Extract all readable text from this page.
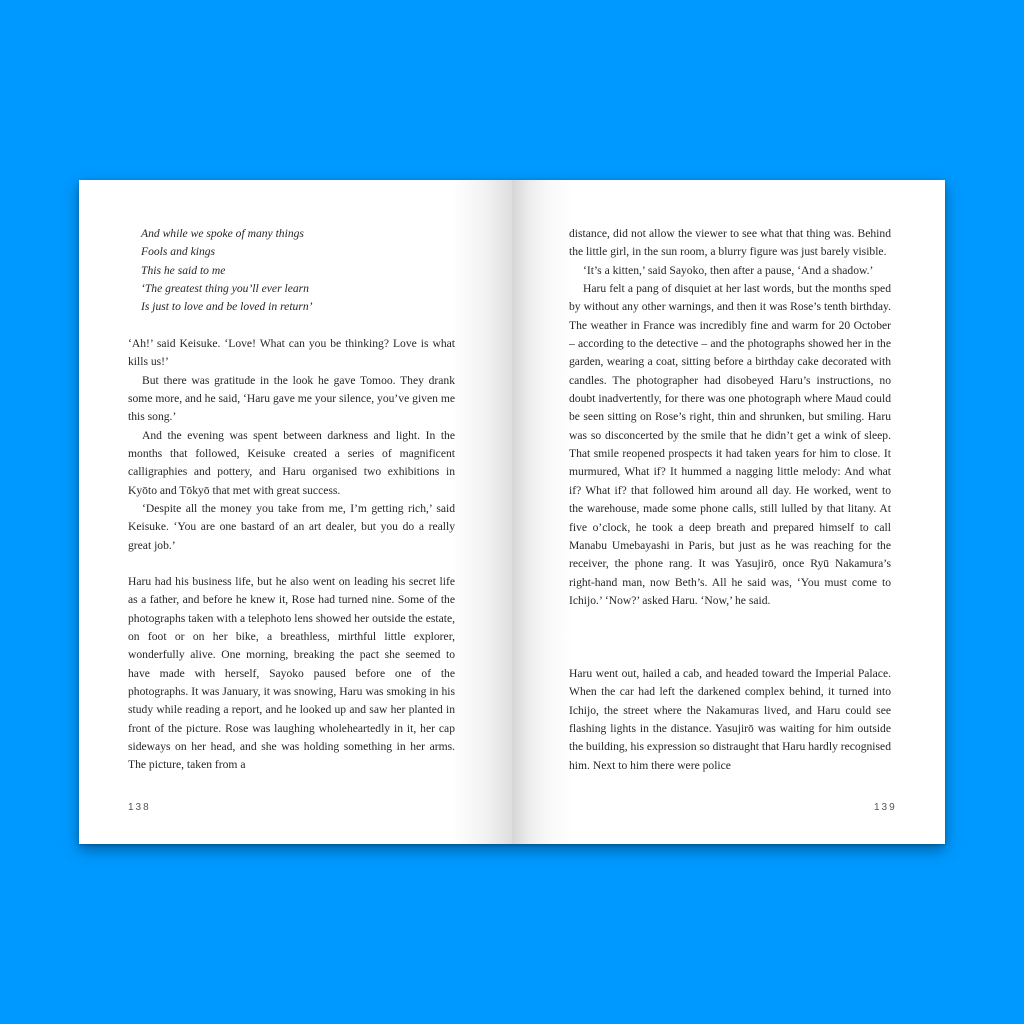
And while we spoke of many things
Fools and kings
This he said to me
‘The greatest thing you’ll ever learn
Is just to love and be loved in return’

‘Ah!’ said Keisuke. ‘Love! What can you be thinking? Love is what kills us!’

But there was gratitude in the look he gave Tomoo. They drank some more, and he said, ‘Haru gave me your silence, you’ve given me this song.’

And the evening was spent between darkness and light. In the months that followed, Keisuke created a series of magnificent calligraphies and pottery, and Haru organised two exhibitions in Kyōto and Tōkyō that met with great success.

‘Despite all the money you take from me, I’m getting rich,’ said Keisuke. ‘You are one bastard of an art dealer, but you do a really great job.’

Haru had his business life, but he also went on leading his secret life as a father, and before he knew it, Rose had turned nine. Some of the photographs taken with a telephoto lens showed her outside the estate, on foot or on her bike, a breathless, mirthful little explorer, wonderfully alive. One morning, breaking the pact she seemed to have made with herself, Sayoko paused before one of the photographs. It was January, it was snowing, Haru was smoking in his study while reading a report, and he looked up and saw her planted in front of the picture. Rose was laughing wholeheartedly in it, her cap sideways on her head, and she was holding something in her arms. The picture, taken from a

138

distance, did not allow the viewer to see what that thing was. Behind the little girl, in the sun room, a blurry figure was just barely visible.

‘It’s a kitten,’ said Sayoko, then after a pause, ‘And a shadow.’

Haru felt a pang of disquiet at her last words, but the months sped by without any other warnings, and then it was Rose’s tenth birthday. The weather in France was incredibly fine and warm for 20 October – according to the detective – and the photographs showed her in the garden, wearing a coat, sitting before a birthday cake decorated with candles. The photographer had disobeyed Haru’s instructions, no doubt inadvertently, for there was one photograph where Maud could be seen sitting on Rose’s right, thin and shrunken, but smiling. Haru was so disconcerted by the smile that he didn’t get a wink of sleep. That smile reopened prospects it had taken years for him to close. It murmured, What if? It hummed a nagging little melody: And what if? What if? that followed him around all day. He worked, went to the warehouse, made some phone calls, still lulled by that litany. At five o’clock, he took a deep breath and prepared himself to call Manabu Umebayashi in Paris, but just as he was reaching for the receiver, the phone rang. It was Yasujirō, once Ryū Nakamura’s right-hand man, now Beth’s. All he said was, ‘You must come to Ichijo.’ ‘Now?’ asked Haru. ‘Now,’ he said.

Haru went out, hailed a cab, and headed toward the Imperial Palace. When the car had left the darkened complex behind, it turned into Ichijo, the street where the Nakamuras lived, and Haru could see flashing lights in the distance. Yasujirō was waiting for him outside the building, his expression so distraught that Haru hardly recognised him. Next to him there were police

139
